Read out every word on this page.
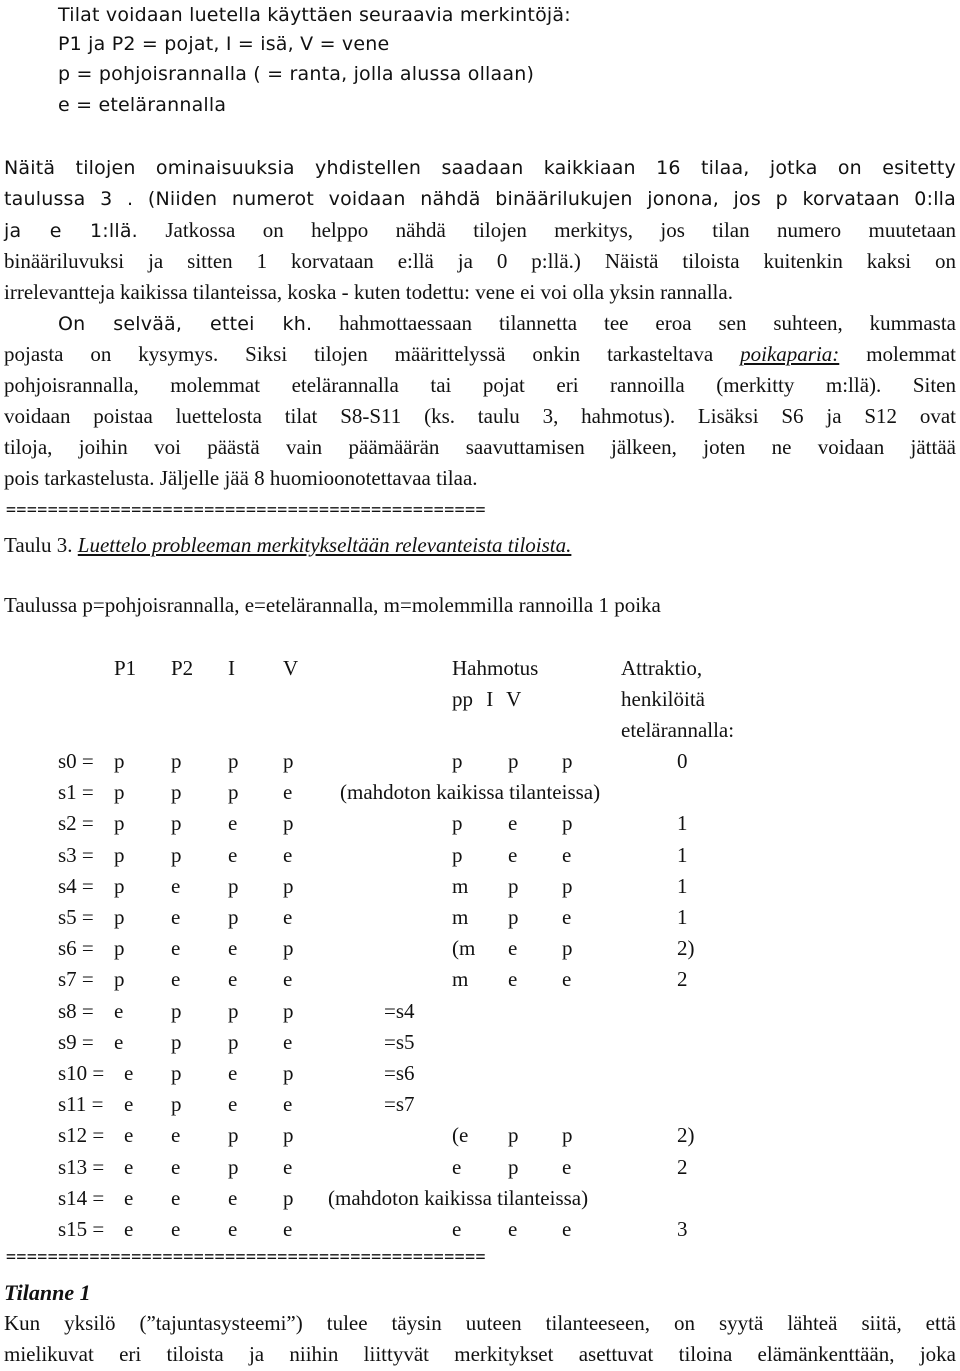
Tilat voidaan luetella käyttäen seuraavia merkintöjä:
P1 ja P2 = pojat, I = isä, V = vene
p = pohjoisrannalla ( = ranta, jolla alussa ollaan)
e = etelärannalla
Näitä tilojen ominaisuuksia yhdistellen saadaan kaikkiaan 16 tilaa, jotka on esitetty
taulussa 3 . (Niiden numerot voidaan nähdä binäärilukujen jonona, jos p korvataan 0:lla
ja e 1:llä. Jatkossa on helppo nähdä tilojen merkitys, jos tilan numero muutetaan
binääriluvuksi ja sitten 1 korvataan e:llä ja 0 p:llä.) Näistä tiloista kuitenkin kaksi on
irrelevantteja kaikissa tilanteissa, koska - kuten todettu: vene ei voi olla yksin rannalla.
On selvää, ettei kh. hahmottaessaan tilannetta tee eroa sen suhteen, kummasta
pojasta on kysymys. Siksi tilojen määrittelyssä onkin tarkasteltava poikaparia: molemmat
pohjoisrannalla, molemmat etelärannalla tai pojat eri rannoilla (merkitty m:llä). Siten
voidaan poistaa luettelosta tilat S8-S11 (ks. taulu 3, hahmotus). Lisäksi S6 ja S12 ovat
tiloja, joihin voi päästä vain päämäärän saavuttamisen jälkeen, joten ne voidaan jättää
pois tarkastelusta. Jäljelle jää 8 huomioonotettavaa tilaa.
==============================================
Taulu 3. Luettelo probleeman merkitykseltään relevanteista tiloista.
Taulussa p=pohjoisrannalla, e=etelärannalla, m=molemmilla rannoilla 1 poika
P1 P2 I V	Hahmotus
pp I V
Attraktio,
henkilöitä
etelärannalla:
s0 = p p p p	p p p	0
s1 = p p p e (mahdoton kaikissa tilanteissa)
s2 = p p e p	p e p	1
s3 = p p e e	p e e	1
s4 = p e p p	m p p	1
s5 = p e p e	m p e	1
s6 = p e e p	(m e p	2)
s7 = p e e e	m e e	2
s8 = e p p p	=s4
s9 = e p p e	=s5
s10 = e p e p	=s6
s11 = e p e e	=s7
s12 = e e p p	(e p p	2)
s13 = e e p e	e p e	2
s14 = e e e p (mahdoton kaikissa tilanteissa)
s15 = e e e e	e e e	3
==============================================
Tilanne 1
Kun yksilö (”tajuntasysteemi”) tulee täysin uuteen tilanteeseen, on syytä lähteä siitä, että
mielikuvat eri tiloista ja niihin liittyvät merkitykset asettuvat tiloina elämänkenttään, joka
